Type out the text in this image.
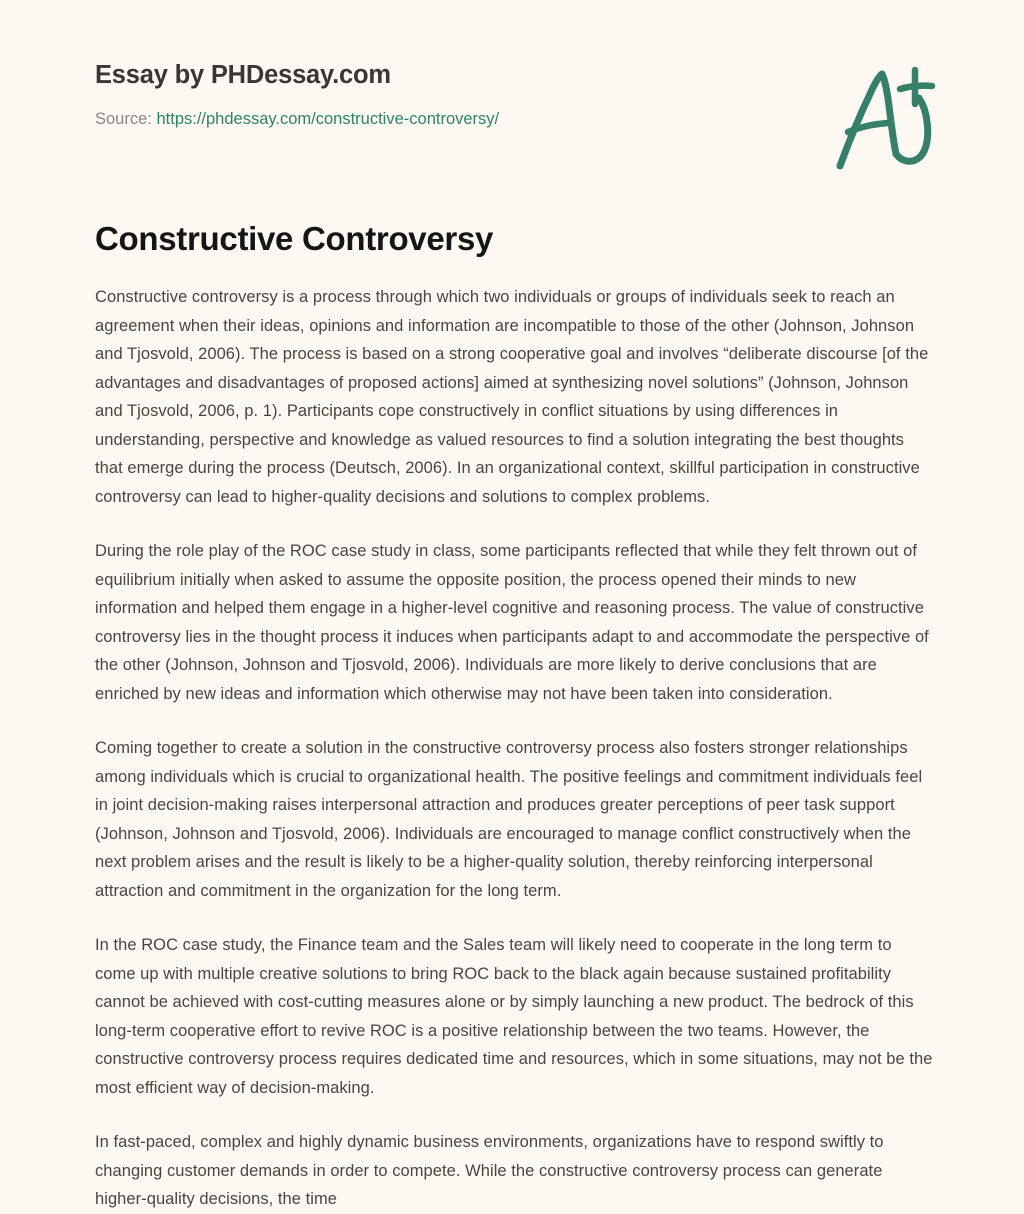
Essay by PHDessay.com
Source: https://phdessay.com/constructive-controversy/
Constructive Controversy

Constructive controversy is a process through which two individuals or groups of individuals seek to reach an agreement when their ideas, opinions and information are incompatible to those of the other (Johnson, Johnson and Tjosvold, 2006). The process is based on a strong cooperative goal and involves “deliberate discourse [of the advantages and disadvantages of proposed actions] aimed at synthesizing novel solutions” (Johnson, Johnson and Tjosvold, 2006, p. 1). Participants cope constructively in conflict situations by using differences in understanding, perspective and knowledge as valued resources to find a solution integrating the best thoughts that emerge during the process (Deutsch, 2006). In an organizational context, skillful participation in constructive controversy can lead to higher-quality decisions and solutions to complex problems.

During the role play of the ROC case study in class, some participants reflected that while they felt thrown out of equilibrium initially when asked to assume the opposite position, the process opened their minds to new information and helped them engage in a higher-level cognitive and reasoning process. The value of constructive controversy lies in the thought process it induces when participants adapt to and accommodate the perspective of the other (Johnson, Johnson and Tjosvold, 2006). Individuals are more likely to derive conclusions that are enriched by new ideas and information which otherwise may not have been taken into consideration.

Coming together to create a solution in the constructive controversy process also fosters stronger relationships among individuals which is crucial to organizational health. The positive feelings and commitment individuals feel in joint decision-making raises interpersonal attraction and produces greater perceptions of peer task support (Johnson, Johnson and Tjosvold, 2006). Individuals are encouraged to manage conflict constructively when the next problem arises and the result is likely to be a higher-quality solution, thereby reinforcing interpersonal attraction and commitment in the organization for the long term.

In the ROC case study, the Finance team and the Sales team will likely need to cooperate in the long term to come up with multiple creative solutions to bring ROC back to the black again because sustained profitability cannot be achieved with cost-cutting measures alone or by simply launching a new product. The bedrock of this long-term cooperative effort to revive ROC is a positive relationship between the two teams. However, the constructive controversy process requires dedicated time and resources, which in some situations, may not be the most efficient way of decision-making.

In fast-paced, complex and highly dynamic business environments, organizations have to respond swiftly to changing customer demands in order to compete. While the constructive controversy process can generate higher-quality decisions, the time
